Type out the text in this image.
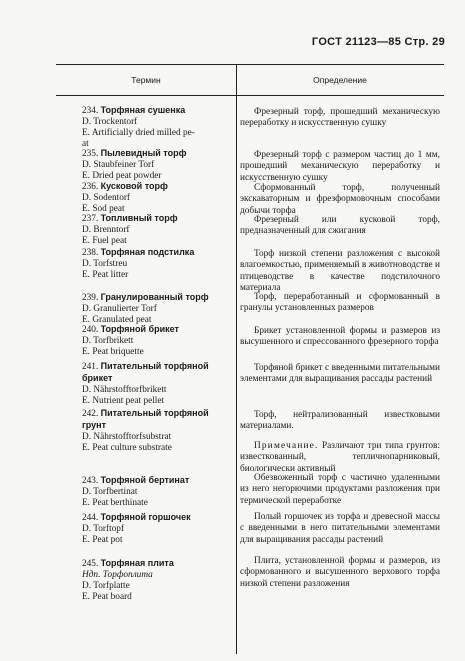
ГОСТ 21123—85 Стр. 29
Термин	Определение
234. Торфяная сушенка
D. Trockentorf
E. Artificially dried milled pe-
at

Фрезерный торф, прошедший механическую переработку и искусственную сушку

235. Пылевидный торф
D. Staubfeiner Torf
E. Dried peat powder

Фрезерный торф с размером частиц до 1 мм, прошедший механическую переработку и искусственную сушку

236. Кусковой торф
D. Sodentorf
E. Sod peat

Сформованный торф, полученный экскаваторным и фрезформовочным способами добычи торфа

237. Топливный торф
D. Brenntorf
E. Fuel peat

Фрезерный или кусковой торф, предназначенный для сжигания

238. Торфяная подстилка
D. Torfstreu
E. Peat litter

Торф низкой степени разложения с высокой влагоемкостью, применяемый в животноводстве и птицеводстве в качестве подстилочного материала

239. Гранулированный торф
D. Granulierter Torf
E. Granulated peat

Торф, переработанный и сформованный в гранулы установленных размеров

240. Торфяной брикет
D. Torfbrikett
E. Peat briquette

Брикет установленной формы и размеров из высушенного и спрессованного фрезерного торфа

241. Питательный торфяной брикет
D. Nährstofftorfbrikett
E. Nutrient peat pellet

Торфяной брикет с введенными питательными элементами для выращивания рассады растений

242. Питательный торфяной грунт
D. Nährstofftorfsubstrat
E. Peat culture substrate

Торф, нейтрализованный известковыми материалами.

Примечание. Различают три типа грунтов: известкованный, тепличнопарниковый, биологически активный

243. Торфяной бертинат
D. Torfbertinat
E. Peat berthinate

Обезвоженный торф с частично удаленными из него негорючими продуктами разложения при термической переработке

244. Торфяной горшочек
D. Torftopf
E. Peat pot

Полый горшочек из торфа и древесной массы с введенными в него питательными элементами для выращивания рассады растений

245. Торфяная плита
Ндп. Торфоплита
D. Torfplatte
E. Peat board

Плита, установленной формы и размеров, из сформованного и высушенного верхового торфа низкой степени разложения
